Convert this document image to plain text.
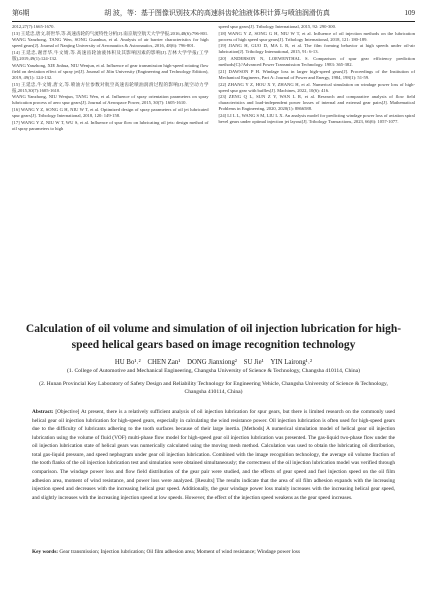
第6期	胡 波，等：基于图像识别技术的高速斜齿轮油液体积计算与喷油润滑仿真	109

2012,27(7):1665-1670.

[13] 王延忠,唐文,蒋世华,等.高速齿轮的气流特性分析[J].南京航空航天大学学报,2016,48(6):796-801.

WANG Yanzhong, TANG Wen, SONG Guanhua, et al. Analysis of air barrier characteristics for high speed gears[J]. Journal of Nanjing University of Aeronautics & Astronautics, 2016, 48(6): 796-801.

[14] 王延忠,谢晋华,牛文婧,等.高速齿轮油液体积及其影响因素的影响[J].吉林大学学报(工学版),2019,49(1):124-132.

WANG Yanzhong, XIE Jinhua, NIU Wenjun, et al. Influence of gear transmission high-speed rotating flow field on deviation effect of spray jet[J]. Journal of Jilin University (Engineering and Technology Edition), 2019, 49(1): 124-132.

[15] 王延忠,牛文婧,唐文,等.喷油方位参数对航空高速齿轮喷油润滑过程的影响[J].航空动力学报,2015,30(7):1605-1610.

WANG Yanzhong, NIU Wenjun, TANG Wen, et al. Influence of spray orientation parameters on spray lubrication process of aero spur gears[J]. Journal of Aerospace Power, 2015, 30(7): 1605-1610.

[16] WANG Y Z, SONG G H, NIU W T, et al. Optimized design of spray parameters of oil jet lubricated spur gears[J]. Tribology International, 2018, 120: 149-158.

[17] WANG Y Z, NIU W T, WU S, et al. Influence of spur flow on lubricating oil jets: design method of oil spray parameters to high

speed spur gears[J]. Tribology International, 2015, 92: 290-300.

[18] WANG Y Z, SONG G H, NIU W T, et al. Influence of oil injection methods on the lubrication process of high speed spur gears[J]. Tribology International, 2018, 121: 180-189.

[19] JIANG H, GUO D, MA L R, et al. The film forming behavior at high speeds under oil-air lubrication[J]. Tribology International, 2015, 91: 6-13.

[20] ANDERSON N, LOEWENTHAL S. Comparison of spur gear efficiency prediction methods[C]//Advanced Power Transmission Technology. 1983: 365-382.

[21] DAWSON P H. Windage loss in larger high-speed gears[J]. Proceedings of the Institution of Mechanical Engineers, Part A: Journal of Power and Energy, 1984, 198(1): 51-59.

[22] ZHANG Y Z, HOU X Y, ZHANG H, et al. Numerical simulation on windage power loss of high-speed spur gear with baffles[J]. Machines, 2022, 10(6): 416.

[23] ZENG Q L, SUN Z Y, WAN L R, et al. Research and comparative analysis of flow field characteristics and load-independent power losses of internal and external gear pairs[J]. Mathematical Problems in Engineering, 2020, 2020(1): 8866588.

[24] LI L L, WANG S M, LIU L X. An analysis model for predicting windage power loss of aviation spiral bevel gears under optimal injection jet layout[J]. Tribology Transactions, 2023, 66(6): 1057-1077.

Calculation of oil volume and simulation of oil injection lubrication for high-speed helical gears based on image recognition technology
HU Bo¹˒²　CHEN Zan¹　DONG Jianxiong²　SU Jie¹　YIN Lairong¹˒²
(1. College of Automotive and Mechanical Engineering, Changsha University of Science & Technology, Changsha 410114, China)
(2. Hunan Provincial Key Laboratory of Safety Design and Reliability Technology for Engineering Vehicle, Changsha University of Science & Technology, Changsha 410114, China)
Abstract: [Objective] At present, there is a relatively sufficient analysis of oil injection lubrication for spur gears, but there is limited research on the commonly used helical gear oil injection lubrication for high-speed gears, especially in calculating the wind resistance power. Oil injection lubrication is often used for high-speed gears due to the difficulty of lubricants adhering to the tooth surfaces because of their large inertia. [Methods] A numerical simulation model of helical gear oil injection lubrication using the volume of fluid (VOF) multi-phase flow model for high-speed gear oil injection lubrication was presented. The gas-liquid two-phase flow under the oil injection lubrication state of helical gears was numerically calculated using the moving mesh method. Calculation was used to obtain the lubricating oil distribution, total gas-liquid pressure, and speed nephogram under gear oil injection lubrication. Combined with the image recognition technology, the average oil volume fraction of the tooth flanks of the oil injection lubrication test and simulation were obtained simultaneously; the correctness of the oil injection lubrication model was verified through comparison. The windage power loss and flow field distribution of the gear pair were studied, and the effects of gear speed and fuel injection speed on the oil film adhesion area, moment of wind resistance, and power loss were analyzed. [Results] The results indicate that the area of oil film adhesion expands with the increasing injection speed and decreases with the increasing helical gear speed. Additionally, the gear windage power loss mainly increases with the increasing helical gear speed, and slightly increases with the increasing injection speed at low speeds. However, the effect of the injection speed weakens as the gear speed increases.
Key words: Gear transmission; Injection lubrication; Oil film adhesion area; Moment of wind resistance; Windage power loss
